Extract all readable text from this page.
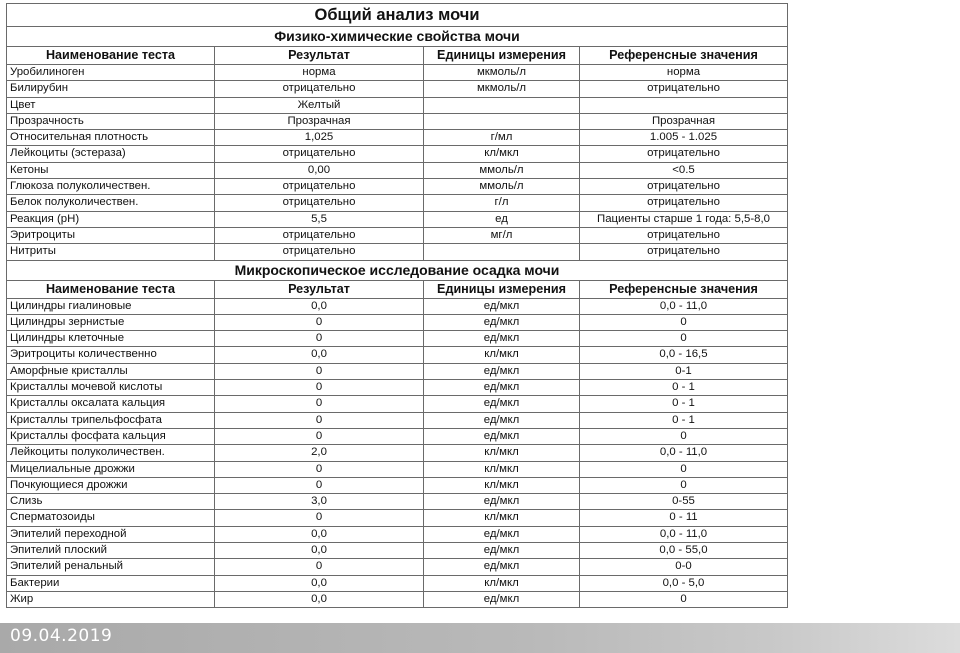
Общий анализ мочи			
Физико-химические свойства мочи			
Наименование теста	Результат	Единицы измерения	Референсные значения
Уробилиноген	норма	мкмоль/л	норма
Билирубин	отрицательно	мкмоль/л	отрицательно
Цвет	Желтый		
Прозрачность	Прозрачная		Прозрачная
Относительная плотность	1,025	г/мл	1.005 - 1.025
Лейкоциты (эстераза)	отрицательно	кл/мкл	отрицательно
Кетоны	0,00	ммоль/л	<0.5
Глюкоза полуколичествен.	отрицательно	ммоль/л	отрицательно
Белок полуколичествен.	отрицательно	г/л	отрицательно
Реакция (pH)	5,5	ед	Пациенты старше 1 года: 5,5-8,0
Эритроциты	отрицательно	мг/л	отрицательно
Нитриты	отрицательно		отрицательно
Микроскопическое исследование осадка мочи			
Наименование теста	Результат	Единицы измерения	Референсные значения
Цилиндры гиалиновые	0,0	ед/мкл	0,0 - 11,0
Цилиндры зернистые	0	ед/мкл	0
Цилиндры клеточные	0	ед/мкл	0
Эритроциты количественно	0,0	кл/мкл	0,0 - 16,5
Аморфные кристаллы	0	ед/мкл	0-1
Кристаллы мочевой кислоты	0	ед/мкл	0 - 1
Кристаллы оксалата кальция	0	ед/мкл	0 - 1
Кристаллы трипельфосфата	0	ед/мкл	0 - 1
Кристаллы фосфата кальция	0	ед/мкл	0
Лейкоциты полуколичествен.	2,0	кл/мкл	0,0 - 11,0
Мицелиальные дрожжи	0	кл/мкл	0
Почкующиеся дрожжи	0	кл/мкл	0
Слизь	3,0	ед/мкл	0-55
Сперматозоиды	0	кл/мкл	0 - 11
Эпителий переходной	0,0	ед/мкл	0,0 - 11,0
Эпителий плоский	0,0	ед/мкл	0,0 - 55,0
Эпителий ренальный	0	ед/мкл	0-0
Бактерии	0,0	кл/мкл	0,0 - 5,0
Жир	0,0	ед/мкл	0
09.04.2019
